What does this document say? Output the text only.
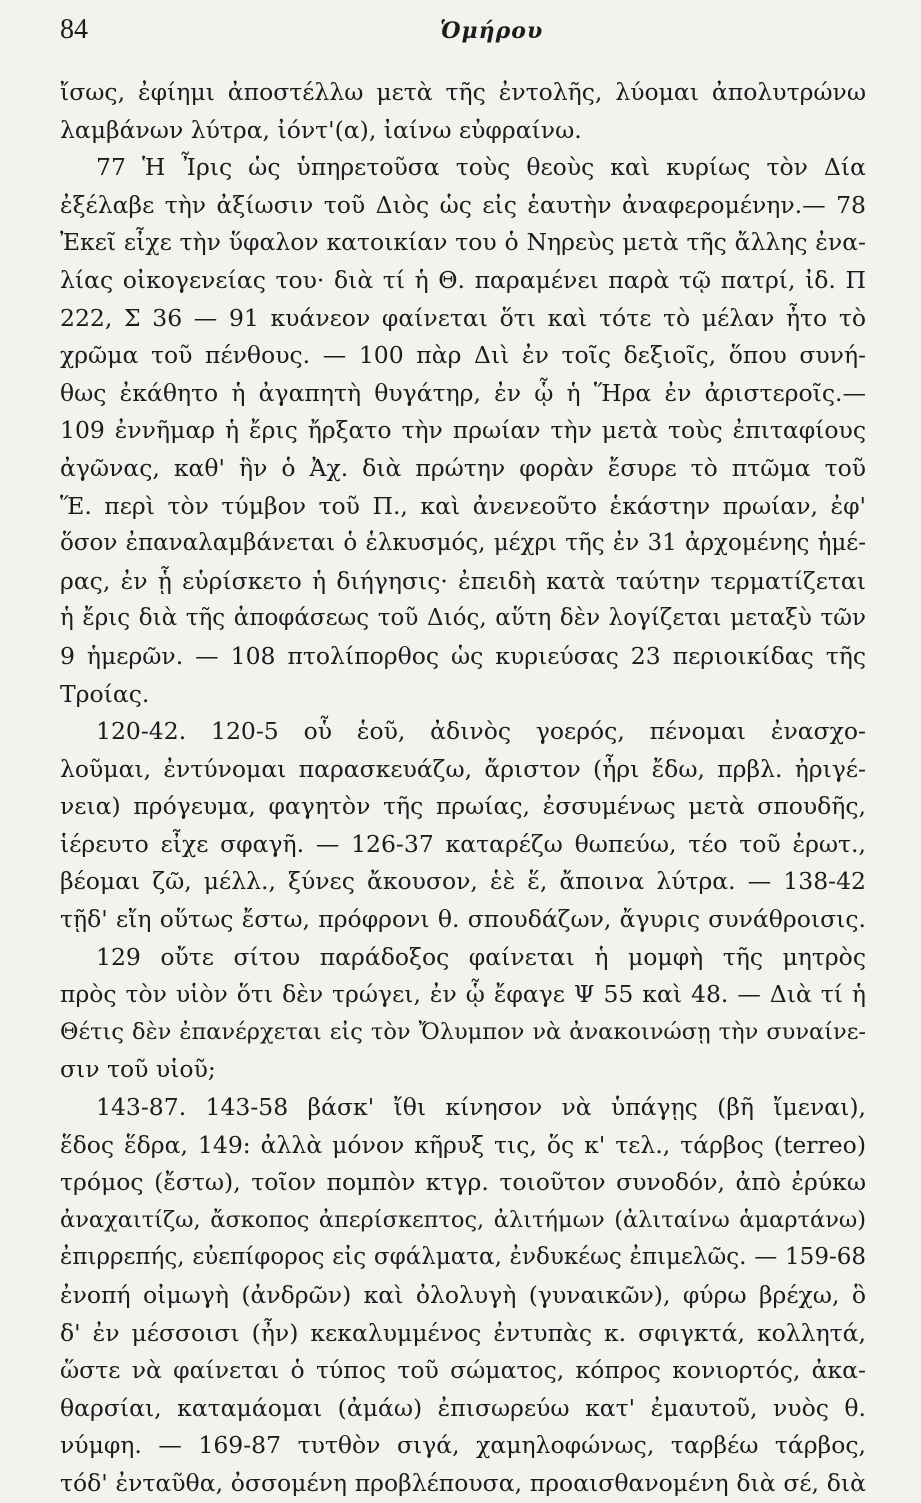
84	Ὁμήρου
ἴσως, ἐφίημι ἀποστέλλω μετὰ τῆς ἐντολῆς, λύομαι ἀπολυτρώνω
λαμβάνων λύτρα, ἰόντ'(α), ἰαίνω εὐφραίνω.
77 Ἡ Ἶρις ὡς ὑπηρετοῦσα τοὺς θεοὺς καὶ κυρίως τὸν Δία
ἐξέλαβε τὴν ἀξίωσιν τοῦ Διὸς ὡς εἰς ἑαυτὴν ἀναφερομένην.— 78
Ἐκεῖ εἶχε τὴν ὕφαλον κατοικίαν του ὁ Νηρεὺς μετὰ τῆς ἄλλης ἐνα-
λίας οἰκογενείας του· διὰ τί ἡ Θ. παραμένει παρὰ τῷ πατρί, ἰδ. Π
222, Σ 36 — 91 κυάνεον φαίνεται ὅτι καὶ τότε τὸ μέλαν ἦτο τὸ
χρῶμα τοῦ πένθους. — 100 πὰρ Διὶ ἐν τοῖς δεξιοῖς, ὅπου συνή-
θως ἐκάθητο ἡ ἀγαπητὴ θυγάτηρ, ἐν ᾧ ἡ Ἥρα ἐν ἀριστεροῖς.—
109 ἐννῆμαρ ἡ ἔρις ἤρξατο τὴν πρωίαν τὴν μετὰ τοὺς ἐπιταφίους
ἀγῶνας, καθ' ἣν ὁ Ἀχ. διὰ πρώτην φορὰν ἔσυρε τὸ πτῶμα τοῦ
Ἕ. περὶ τὸν τύμβον τοῦ Π., καὶ ἀνενεοῦτο ἑκάστην πρωίαν, ἐφ'
ὅσον ἐπαναλαμβάνεται ὁ ἑλκυσμός, μέχρι τῆς ἐν 31 ἀρχομένης ἡμέ-
ρας, ἐν ᾗ εὑρίσκετο ἡ διήγησις· ἐπειδὴ κατὰ ταύτην τερματίζεται
ἡ ἔρις διὰ τῆς ἀποφάσεως τοῦ Διός, αὕτη δὲν λογίζεται μεταξὺ τῶν
9 ἡμερῶν. — 108 πτολίπορθος ὡς κυριεύσας 23 περιοικίδας τῆς
Τροίας.
120-42. 120-5 οὗ ἑοῦ, ἀδινὸς γοερός, πένομαι ἐνασχο-
λοῦμαι, ἐντύνομαι παρασκευάζω, ἄριστον (ἦρι ἔδω, πρβλ. ἠριγέ-
νεια) πρόγευμα, φαγητὸν τῆς πρωίας, ἐσσυμένως μετὰ σπουδῆς,
ἱέρευτο εἶχε σφαγῆ. — 126-37 καταρέζω θωπεύω, τέο τοῦ ἐρωτ.,
βέομαι ζῶ, μέλλ., ξύνες ἄκουσον, ἑὲ ἕ, ἄποινα λύτρα. — 138-42
τῇδ' εἴη οὕτως ἔστω, πρόφρονι θ. σπουδάζων, ἄγυρις συνάθροισις.
129 οὔτε σίτου παράδοξος φαίνεται ἡ μομφὴ τῆς μητρὸς
πρὸς τὸν υἱὸν ὅτι δὲν τρώγει, ἐν ᾧ ἔφαγε Ψ 55 καὶ 48. — Διὰ τί ἡ
Θέτις δὲν ἐπανέρχεται εἰς τὸν Ὄλυμπον νὰ ἀνακοινώσῃ τὴν συναίνε-
σιν τοῦ υἱοῦ;
143-87. 143-58 βάσκ' ἴθι κίνησον νὰ ὑπάγῃς (βῆ ἴμεναι),
ἕδος ἕδρα, 149: ἀλλὰ μόνον κῆρυξ τις, ὅς κ' τελ., τάρβος (terreo)
τρόμος (ἔστω), τοῖον πομπὸν κτγρ. τοιοῦτον συνοδόν, ἀπὸ ἐρύκω
ἀναχαιτίζω, ἄσκοπος ἀπερίσκεπτος, ἀλιτήμων (ἀλιταίνω ἁμαρτάνω)
ἐπιρρεπής, εὐεπίφορος εἰς σφάλματα, ἐνδυκέως ἐπιμελῶς. — 159-68
ἐνοπή οἰμωγὴ (ἀνδρῶν) καὶ ὀλολυγὴ (γυναικῶν), φύρω βρέχω, ὃ
δ' ἐν μέσσοισι (ἦν) κεκαλυμμένος ἐντυπὰς κ. σφιγκτά, κολλητά,
ὥστε νὰ φαίνεται ὁ τύπος τοῦ σώματος, κόπρος κονιορτός, ἀκα-
θαρσίαι, καταμάομαι (ἀμάω) ἐπισωρεύω κατ' ἐμαυτοῦ, νυὸς θ.
νύμφη. — 169-87 τυτθὸν σιγά, χαμηλοφώνως, ταρβέω τάρβος,
τόδ' ἐνταῦθα, ὀσσομένη προβλέπουσα, προαισθανομένη διὰ σέ, διὰ
